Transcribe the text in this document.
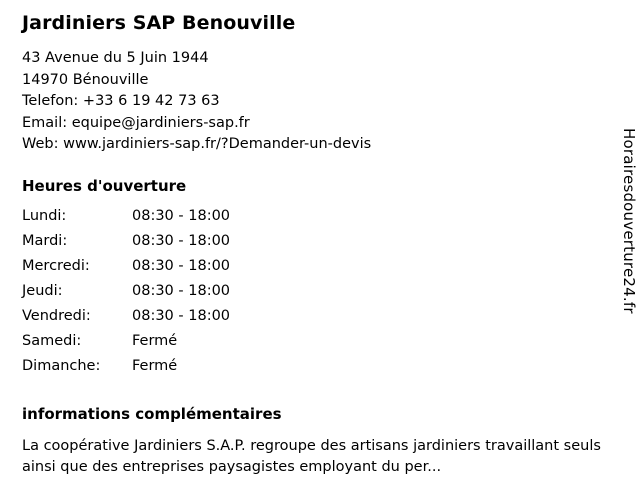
Jardiniers SAP Benouville
43 Avenue du 5 Juin 1944
14970 Bénouville
Telefon: +33 6 19 42 73 63
Email: equipe@jardiniers-sap.fr
Web: www.jardiniers-sap.fr/?Demander-un-devis
Heures d'ouverture
Lundi:	08:30 - 18:00
Mardi:	08:30 - 18:00
Mercredi:	08:30 - 18:00
Jeudi:	08:30 - 18:00
Vendredi:	08:30 - 18:00
Samedi:	Fermé
Dimanche:	Fermé
informations complémentaires
La coopérative Jardiniers S.A.P. regroupe des artisans jardiniers travaillant seuls ainsi que des entreprises paysagistes employant du per...
Horairesdouverture24.fr
